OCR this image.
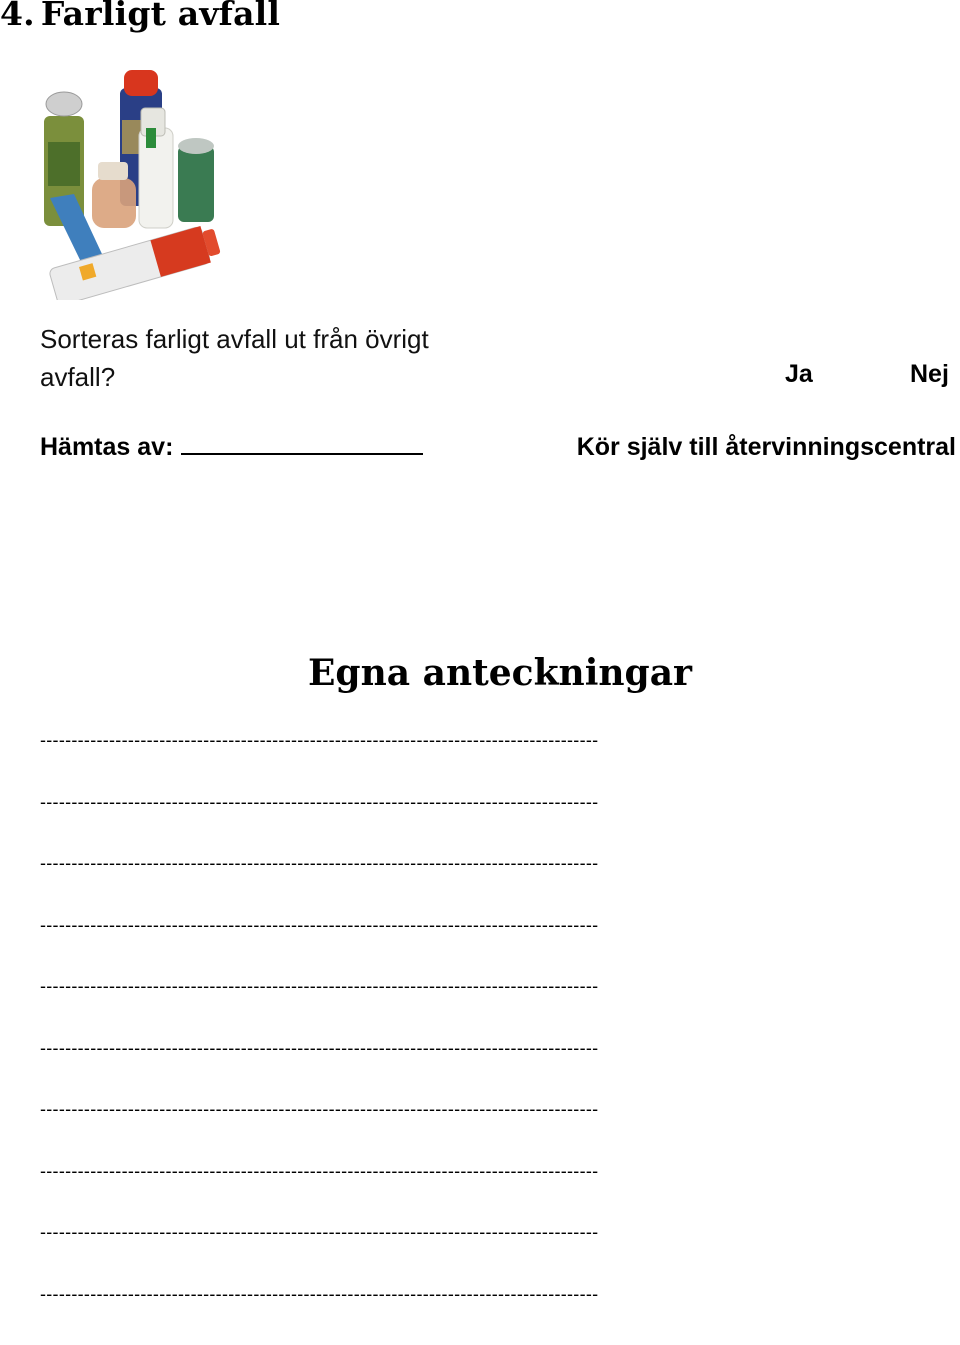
4. Farligt avfall
Sorteras farligt avfall ut från övrigt avfall?	Ja	Nej
Hämtas av:	Kör själv till återvinningscentral
Egna anteckningar
-----------------------------------------------------------------------------------------
-----------------------------------------------------------------------------------------
-----------------------------------------------------------------------------------------
-----------------------------------------------------------------------------------------
-----------------------------------------------------------------------------------------
-----------------------------------------------------------------------------------------
-----------------------------------------------------------------------------------------
-----------------------------------------------------------------------------------------
-----------------------------------------------------------------------------------------
-----------------------------------------------------------------------------------------
